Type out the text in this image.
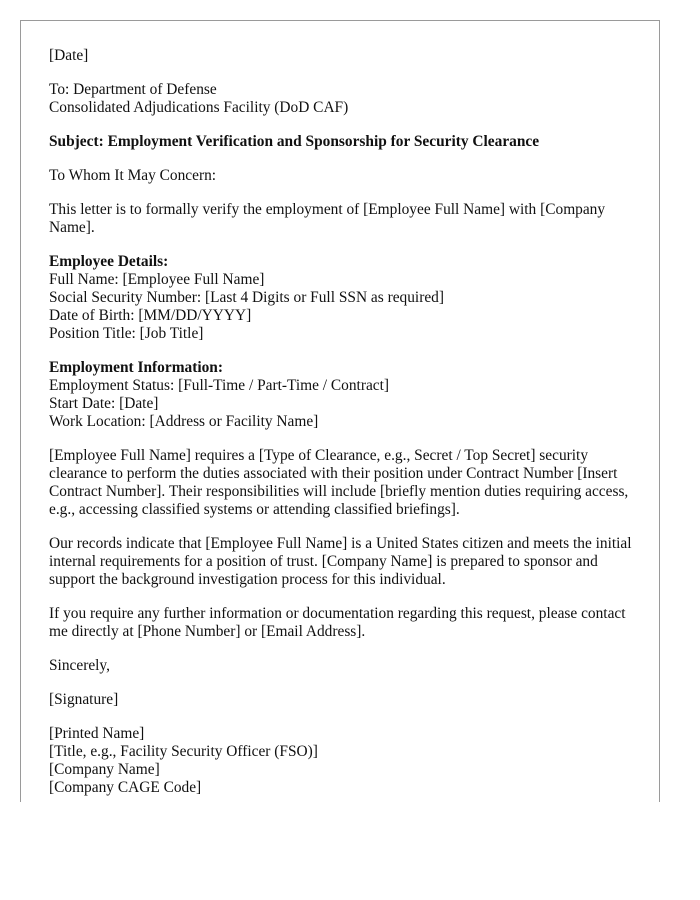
[Date]

To: Department of Defense
Consolidated Adjudications Facility (DoD CAF)

Subject: Employment Verification and Sponsorship for Security Clearance

To Whom It May Concern:

This letter is to formally verify the employment of [Employee Full Name] with [Company Name].

Employee Details:
Full Name: [Employee Full Name]
Social Security Number: [Last 4 Digits or Full SSN as required]
Date of Birth: [MM/DD/YYYY]
Position Title: [Job Title]
Employment Information:
Employment Status: [Full-Time / Part-Time / Contract]
Start Date: [Date]
Work Location: [Address or Facility Name]

[Employee Full Name] requires a [Type of Clearance, e.g., Secret / Top Secret] security clearance to perform the duties associated with their position under Contract Number [Insert Contract Number]. Their responsibilities will include [briefly mention duties requiring access, e.g., accessing classified systems or attending classified briefings].

Our records indicate that [Employee Full Name] is a United States citizen and meets the initial internal requirements for a position of trust. [Company Name] is prepared to sponsor and support the background investigation process for this individual.

If you require any further information or documentation regarding this request, please contact me directly at [Phone Number] or [Email Address].

Sincerely,

[Signature]

[Printed Name]
[Title, e.g., Facility Security Officer (FSO)]
[Company Name]
[Company CAGE Code]
